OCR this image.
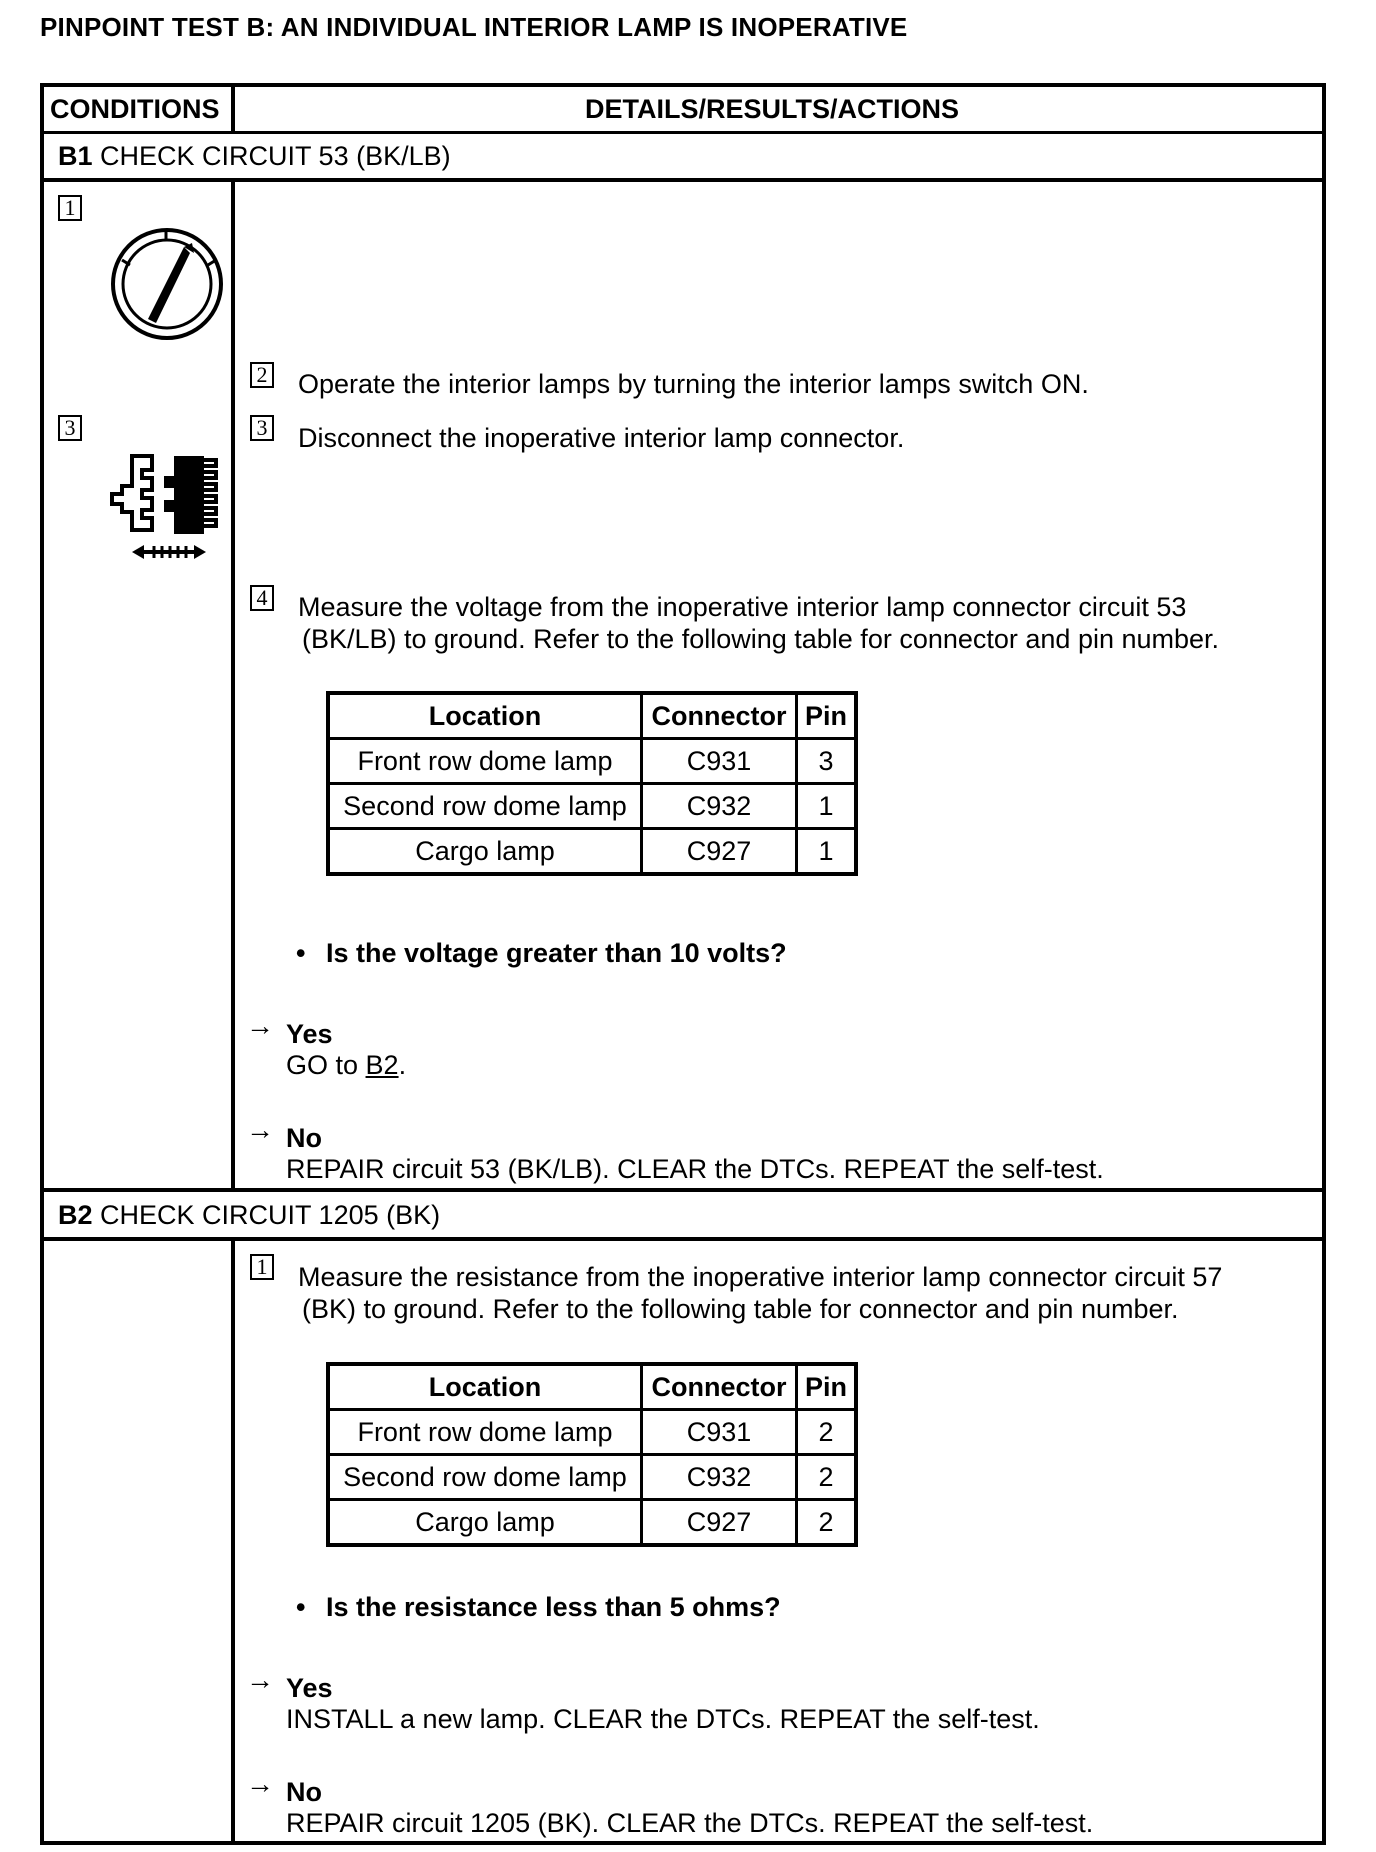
PINPOINT TEST B: AN INDIVIDUAL INTERIOR LAMP IS INOPERATIVE
CONDITIONS	DETAILS/RESULTS/ACTIONS
B1 CHECK CIRCUIT 53 (BK/LB)
1
3
2 Operate the interior lamps by turning the interior lamps switch ON.
3 Disconnect the inoperative interior lamp connector.
4 Measure the voltage from the inoperative interior lamp connector circuit 53
(BK/LB) to ground. Refer to the following table for connector and pin number.
Location	Connector	Pin
Front row dome lamp	C931	3
Second row dome lamp	C932	1
Cargo lamp	C927	1
• Is the voltage greater than 10 volts?
→ Yes
GO to B2.
→ No
REPAIR circuit 53 (BK/LB). CLEAR the DTCs. REPEAT the self-test.
B2 CHECK CIRCUIT 1205 (BK)
1 Measure the resistance from the inoperative interior lamp connector circuit 57
(BK) to ground. Refer to the following table for connector and pin number.
Location	Connector	Pin
Front row dome lamp	C931	2
Second row dome lamp	C932	2
Cargo lamp	C927	2
• Is the resistance less than 5 ohms?
→ Yes
INSTALL a new lamp. CLEAR the DTCs. REPEAT the self-test.
→ No
REPAIR circuit 1205 (BK). CLEAR the DTCs. REPEAT the self-test.
